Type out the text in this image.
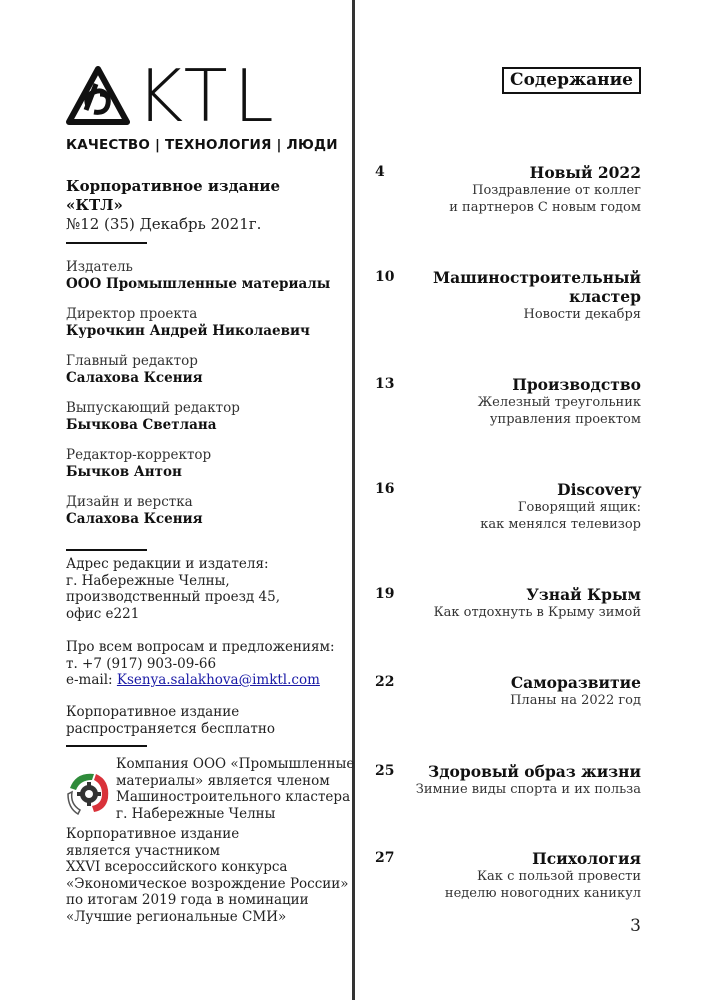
KTL
КАЧЕСТВО | ТЕХНОЛОГИЯ | ЛЮДИ
Корпоративное издание
«КТЛ»
№12 (35) Декабрь 2021г.
Издатель
ООО Промышленные материалы
Директор проекта
Курочкин Андрей Николаевич
Главный редактор
Салахова Ксения
Выпускающий редактор
Бычкова Светлана
Редактор-корректор
Бычков Антон
Дизайн и верстка
Салахова Ксения
Адрес редакции и издателя:
г. Набережные Челны,
производственный проезд 45,
офис е221
Про всем вопросам и предложениям:
т. +7 (917) 903-09-66
e-mail: Ksenya.salakhova@imktl.com
Корпоративное издание
распространяется бесплатно
Компания ООО «Промышленные
материалы» является членом
Машиностроительного кластера
г. Набережные Челны
Корпоративное издание
является участником
XXVI всероссийского конкурса
«Экономическое возрождение России»
по итогам 2019 года в номинации
«Лучшие региональные СМИ»
Содержание
4	Новый 2022
Поздравление от коллег
и партнеров С новым годом
10	Машиностроительный кластер
Новости декабря
13	Производство
Железный треугольник
управления проектом
16	Discovery
Говорящий ящик:
как менялся телевизор
19	Узнай Крым
Как отдохнуть в Крыму зимой
22	Саморазвитие
Планы на 2022 год
25	Здоровый образ жизни
Зимние виды спорта и их польза
27	Психология
Как с пользой провести
неделю новогодних каникул
3
